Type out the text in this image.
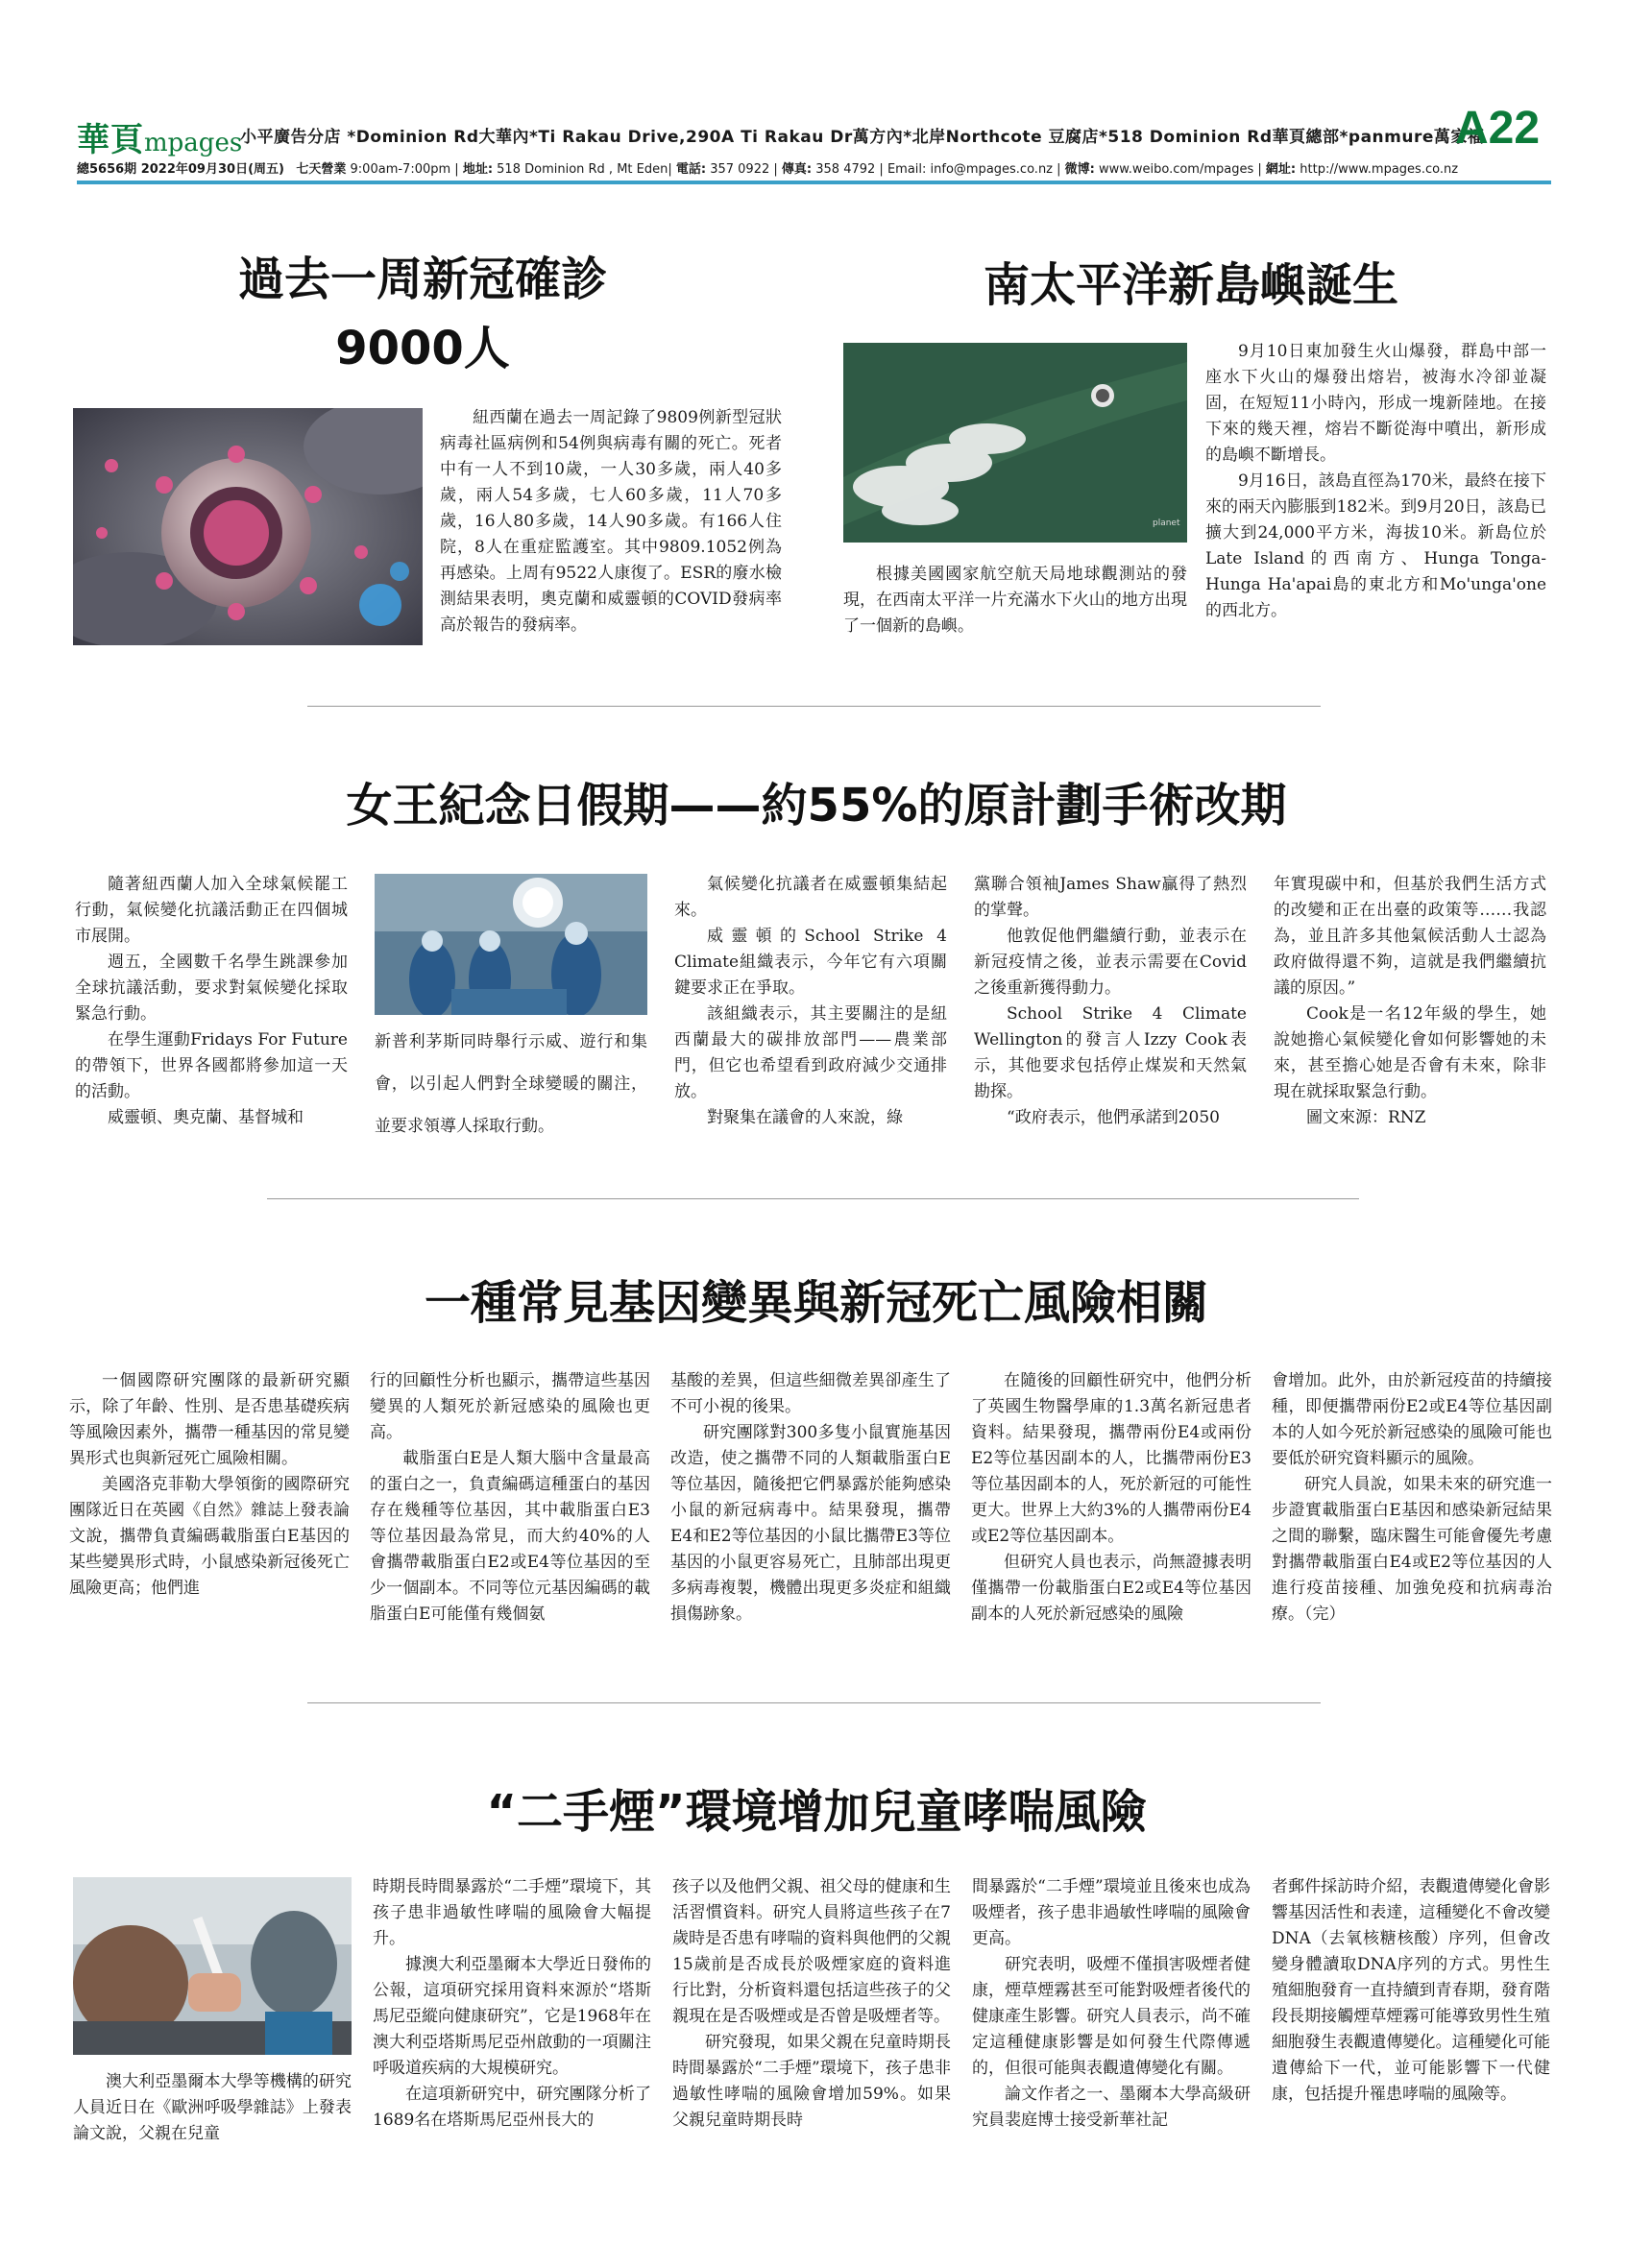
華頁mpages
小平廣告分店 *Dominion Rd大華內*Ti Rakau Drive,290A Ti Rakau Dr萬方內*北岸Northcote 豆腐店*518 Dominion Rd華頁總部*panmure萬家福
A22
總5656期 2022年09月30日(周五) 七天營業 9:00am-7:00pm | 地址: 518 Dominion Rd , Mt Eden| 電話: 357 0922 | 傳真: 358 4792 | Email: info@mpages.co.nz | 微博: www.weibo.com/mpages | 網址: http://www.mpages.co.nz
過去一周新冠確診
9000人

紐西蘭在過去一周記錄了9809例新型冠狀病毒社區病例和54例與病毒有關的死亡。死者中有一人不到10歲，一人30多歲，兩人40多歲，兩人54多歲，七人60多歲，11人70多歲，16人80多歲，14人90多歲。有166人住院，8人在重症監護室。其中9809.1052例為再感染。上周有9522人康復了。ESR的廢水檢測結果表明，奧克蘭和威靈頓的COVID發病率高於報告的發病率。

南太平洋新島嶼誕生
planet

根據美國國家航空航天局地球觀測站的發現，在西南太平洋一片充滿水下火山的地方出現了一個新的島嶼。

9月10日東加發生火山爆發，群島中部一座水下火山的爆發出熔岩，被海水冷卻並凝固，在短短11小時內，形成一塊新陸地。在接下來的幾天裡，熔岩不斷從海中噴出，新形成的島嶼不斷增長。

9月16日，該島直徑為170米，最終在接下來的兩天內膨脹到182米。到9月20日，該島已擴大到24,000平方米，海拔10米。新島位於Late Island的西南方、Hunga Tonga-Hunga Ha'apai島的東北方和Mo'unga'one的西北方。

女王紀念日假期——約55%的原計劃手術改期

隨著紐西蘭人加入全球氣候罷工行動，氣候變化抗議活動正在四個城市展開。

週五，全國數千名學生跳課參加全球抗議活動，要求對氣候變化採取緊急行動。

在學生運動Fridays For Future的帶領下，世界各國都將參加這一天的活動。

威靈頓、奧克蘭、基督城和

新普利茅斯同時舉行示威、遊行和集會，以引起人們對全球變暖的關注，並要求領導人採取行動。

氣候變化抗議者在威靈頓集結起來。

威靈頓的School Strike 4 Climate組織表示，今年它有六項關鍵要求正在爭取。

該組織表示，其主要關注的是紐西蘭最大的碳排放部門——農業部門，但它也希望看到政府減少交通排放。

對聚集在議會的人來說，綠

黨聯合領袖James Shaw贏得了熱烈的掌聲。

他敦促他們繼續行動，並表示在新冠疫情之後，並表示需要在Covid之後重新獲得動力。

School Strike 4 Climate Wellington的發言人Izzy Cook表示，其他要求包括停止煤炭和天然氣勘探。

“政府表示，他們承諾到2050

年實現碳中和，但基於我們生活方式的改變和正在出臺的政策等……我認為，並且許多其他氣候活動人士認為政府做得還不夠，這就是我們繼續抗議的原因。”

Cook是一名12年級的學生，她說她擔心氣候變化會如何影響她的未來，甚至擔心她是否會有未來，除非現在就採取緊急行動。

圖文來源：RNZ

一種常見基因變異與新冠死亡風險相關

一個國際研究團隊的最新研究顯示，除了年齡、性別、是否患基礎疾病等風險因素外，攜帶一種基因的常見變異形式也與新冠死亡風險相關。

美國洛克菲勒大學領銜的國際研究團隊近日在英國《自然》雜誌上發表論文說，攜帶負責編碼載脂蛋白E基因的某些變異形式時，小鼠感染新冠後死亡風險更高；他們進

行的回顧性分析也顯示，攜帶這些基因變異的人類死於新冠感染的風險也更高。

載脂蛋白E是人類大腦中含量最高的蛋白之一，負責編碼這種蛋白的基因存在幾種等位基因，其中載脂蛋白E3等位基因最為常見，而大約40%的人會攜帶載脂蛋白E2或E4等位基因的至少一個副本。不同等位元基因編碼的載脂蛋白E可能僅有幾個氨

基酸的差異，但這些細微差異卻產生了不可小視的後果。

研究團隊對300多隻小鼠實施基因改造，使之攜帶不同的人類載脂蛋白E等位基因，隨後把它們暴露於能夠感染小鼠的新冠病毒中。結果發現，攜帶E4和E2等位基因的小鼠比攜帶E3等位基因的小鼠更容易死亡，且肺部出現更多病毒複製，機體出現更多炎症和組織損傷跡象。

在隨後的回顧性研究中，他們分析了英國生物醫學庫的1.3萬名新冠患者資料。結果發現，攜帶兩份E4或兩份E2等位基因副本的人，比攜帶兩份E3等位基因副本的人，死於新冠的可能性更大。世界上大約3%的人攜帶兩份E4或E2等位基因副本。

但研究人員也表示，尚無證據表明僅攜帶一份載脂蛋白E2或E4等位基因副本的人死於新冠感染的風險

會增加。此外，由於新冠疫苗的持續接種，即便攜帶兩份E2或E4等位基因副本的人如今死於新冠感染的風險可能也要低於研究資料顯示的風險。

研究人員說，如果未來的研究進一步證實載脂蛋白E基因和感染新冠結果之間的聯繫，臨床醫生可能會優先考慮對攜帶載脂蛋白E4或E2等位基因的人進行疫苗接種、加強免疫和抗病毒治療。（完）

“二手煙”環境增加兒童哮喘風險

澳大利亞墨爾本大學等機構的研究人員近日在《歐洲呼吸學雜誌》上發表論文說，父親在兒童

時期長時間暴露於“二手煙”環境下，其孩子患非過敏性哮喘的風險會大幅提升。

據澳大利亞墨爾本大學近日發佈的公報，這項研究採用資料來源於“塔斯馬尼亞縱向健康研究”，它是1968年在澳大利亞塔斯馬尼亞州啟動的一項關注呼吸道疾病的大規模研究。

在這項新研究中，研究團隊分析了1689名在塔斯馬尼亞州長大的

孩子以及他們父親、祖父母的健康和生活習慣資料。研究人員將這些孩子在7歲時是否患有哮喘的資料與他們的父親15歲前是否成長於吸煙家庭的資料進行比對，分析資料還包括這些孩子的父親現在是否吸煙或是否曾是吸煙者等。

研究發現，如果父親在兒童時期長時間暴露於“二手煙”環境下，孩子患非過敏性哮喘的風險會增加59%。如果父親兒童時期長時

間暴露於“二手煙”環境並且後來也成為吸煙者，孩子患非過敏性哮喘的風險會更高。

研究表明，吸煙不僅損害吸煙者健康，煙草煙霧甚至可能對吸煙者後代的健康產生影響。研究人員表示，尚不確定這種健康影響是如何發生代際傳遞的，但很可能與表觀遺傳變化有關。

論文作者之一、墨爾本大學高級研究員裴庭博士接受新華社記

者郵件採訪時介紹，表觀遺傳變化會影響基因活性和表達，這種變化不會改變DNA（去氧核糖核酸）序列，但會改變身體讀取DNA序列的方式。男性生殖細胞發育一直持續到青春期，發育階段長期接觸煙草煙霧可能導致男性生殖細胞發生表觀遺傳變化。這種變化可能遺傳給下一代，並可能影響下一代健康，包括提升罹患哮喘的風險等。
